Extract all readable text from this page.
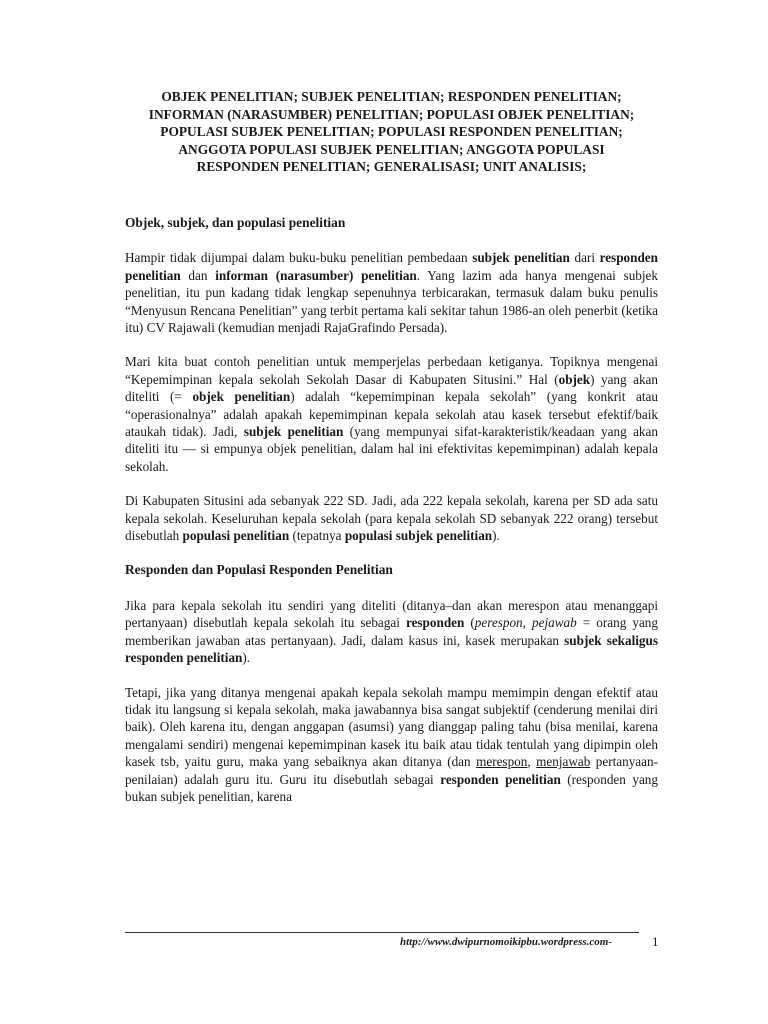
OBJEK PENELITIAN; SUBJEK PENELITIAN; RESPONDEN PENELITIAN;
INFORMAN (NARASUMBER) PENELITIAN; POPULASI OBJEK PENELITIAN;
POPULASI SUBJEK PENELITIAN; POPULASI RESPONDEN PENELITIAN;
ANGGOTA POPULASI SUBJEK PENELITIAN; ANGGOTA POPULASI
RESPONDEN PENELITIAN; GENERALISASI; UNIT ANALISIS;
Objek, subjek, dan populasi penelitian

Hampir tidak dijumpai dalam buku-buku penelitian pembedaan subjek penelitian dari responden penelitian dan informan (narasumber) penelitian. Yang lazim ada hanya mengenai subjek penelitian, itu pun kadang tidak lengkap sepenuhnya terbicarakan, termasuk dalam buku penulis “Menyusun Rencana Penelitian” yang terbit pertama kali sekitar tahun 1986-an oleh penerbit (ketika itu) CV Rajawali (kemudian menjadi RajaGrafindo Persada).

Mari kita buat contoh penelitian untuk memperjelas perbedaan ketiganya. Topiknya mengenai “Kepemimpinan kepala sekolah Sekolah Dasar di Kabupaten Situsini.” Hal (objek) yang akan diteliti (= objek penelitian) adalah “kepemimpinan kepala sekolah” (yang konkrit atau “operasionalnya” adalah apakah kepemimpinan kepala sekolah atau kasek tersebut efektif/baik ataukah tidak). Jadi, subjek penelitian (yang mempunyai sifat-karakteristik/keadaan yang akan diteliti itu — si empunya objek penelitian, dalam hal ini efektivitas kepemimpinan) adalah kepala sekolah.

Di Kabupaten Situsini ada sebanyak 222 SD. Jadi, ada 222 kepala sekolah, karena per SD ada satu kepala sekolah. Keseluruhan kepala sekolah (para kepala sekolah SD sebanyak 222 orang) tersebut disebutlah populasi penelitian (tepatnya populasi subjek penelitian).

Responden dan Populasi Responden Penelitian

Jika para kepala sekolah itu sendiri yang diteliti (ditanya–dan akan merespon atau menanggapi pertanyaan) disebutlah kepala sekolah itu sebagai responden (perespon, pejawab = orang yang memberikan jawaban atas pertanyaan). Jadi, dalam kasus ini, kasek merupakan subjek sekaligus responden penelitian).

Tetapi, jika yang ditanya mengenai apakah kepala sekolah mampu memimpin dengan efektif atau tidak itu langsung si kepala sekolah, maka jawabannya bisa sangat subjektif (cenderung menilai diri baik). Oleh karena itu, dengan anggapan (asumsi) yang dianggap paling tahu (bisa menilai, karena mengalami sendiri) mengenai kepemimpinan kasek itu baik atau tidak tentulah yang dipimpin oleh kasek tsb, yaitu guru, maka yang sebaiknya akan ditanya (dan merespon, menjawab pertanyaan-penilaian) adalah guru itu. Guru itu disebutlah sebagai responden penelitian (responden yang bukan subjek penelitian, karena

http://www.dwipurnomoikipbu.wordpress.com-	1
